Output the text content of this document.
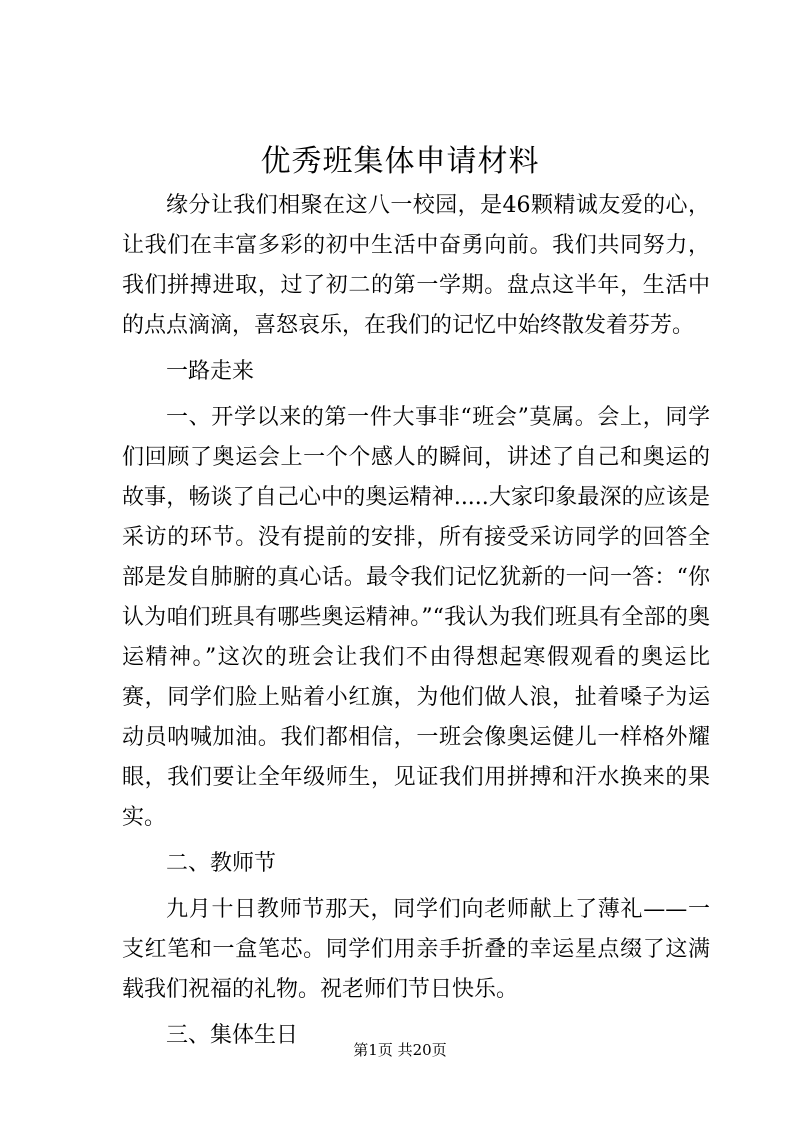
优秀班集体申请材料

缘分让我们相聚在这八一校园，是46颗精诚友爱的心，让我们在丰富多彩的初中生活中奋勇向前。我们共同努力，我们拼搏进取，过了初二的第一学期。盘点这半年，生活中的点点滴滴，喜怒哀乐，在我们的记忆中始终散发着芬芳。

一路走来

一、开学以来的第一件大事非“班会”莫属。会上，同学们回顾了奥运会上一个个感人的瞬间，讲述了自己和奥运的故事，畅谈了自己心中的奥运精神.....大家印象最深的应该是采访的环节。没有提前的安排，所有接受采访同学的回答全部是发自肺腑的真心话。最令我们记忆犹新的一问一答：“你认为咱们班具有哪些奥运精神。”“我认为我们班具有全部的奥运精神。”这次的班会让我们不由得想起寒假观看的奥运比赛，同学们脸上贴着小红旗，为他们做人浪，扯着嗓子为运动员呐喊加油。我们都相信，一班会像奥运健儿一样格外耀眼，我们要让全年级师生，见证我们用拼搏和汗水换来的果实。

二、教师节

九月十日教师节那天，同学们向老师献上了薄礼——一支红笔和一盒笔芯。同学们用亲手折叠的幸运星点缀了这满载我们祝福的礼物。祝老师们节日快乐。

三、集体生日

第1页 共20页
